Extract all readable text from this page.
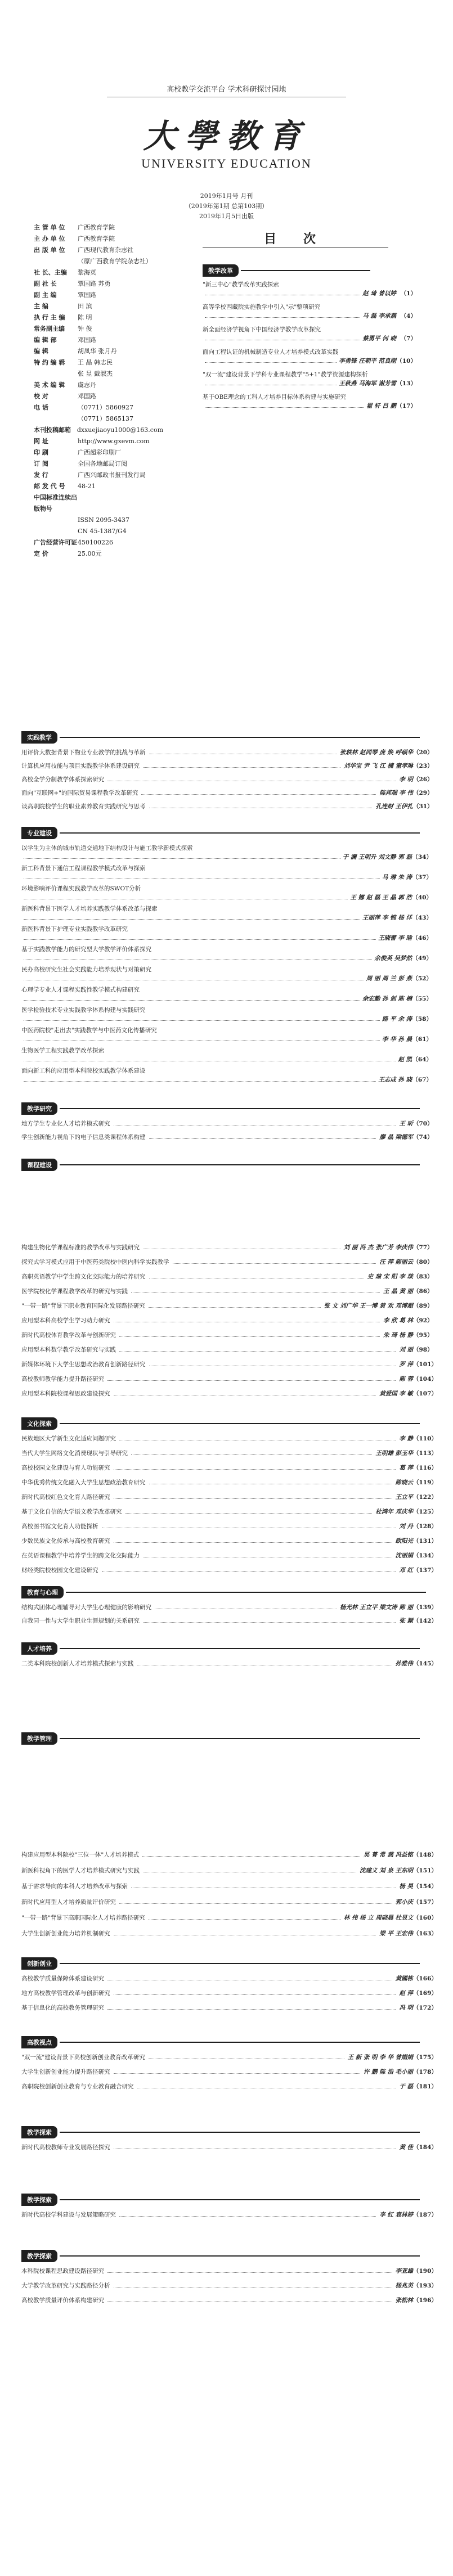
高校教学交流平台 学术科研探讨园地
大學教育
UNIVERSITY EDUCATION
2019年1月号 月刊
（2019年第1期 总第103期）
2019年1月5日出版
主 管 单 位	广西教育学院
主 办 单 位	广西教育学院
出 版 单 位	广西现代教育杂志社
（原广西教育学院杂志社）
社 长、主编	黎海英
副 社 长	覃国路 苏勇
副 主 编	覃国路
主 编	田 滨
执 行 主 编	陈 明
常务副主编	钟 俊
编 辑 部	邓国路
编 辑	胡凤华 张月丹
特 约 编 辑	王 晶 韩志民
张 昱 戴淑杰
美 术 编 辑	虞志丹
校 对	邓国路
电 话	（0771）5860927
（0771）5865137
本刊投稿邮箱 dxxuejiaoyu1000@163.com
网 址	http://www.gxevm.com
印 刷	广西超彩印刷厂
订 阅	全国各地邮局订阅
发 行	广西兴邮政书报刊发行局
邮 发 代 号	48-21
中国标准连续出版物号
ISSN 2095-3437
CN 45-1387/G4
广告经营许可证 450100226
定 价	25.00元
目 次
教学改革
"新三中心"教学改革实践探索
赵 琦 曾以婷 （1）
高等学校西藏院实施教学中引入"示"整项研究
马 磊 李承燕 （4）
新全面经济学视角下中国经济学教学改革探究
蔡勇平 何 晓 （7）
面向工程认证的机械制造专业人才培养模式改革实践
李勇锋 汪朝平 范良刚 （10）
"双一流"建设背景下学科专业课程教学"5+1"教学资源建构探析
王秋燕 马海军 谢芳雪 （13）
基于OBE理念的工科人才培养目标体系构建与实施研究
翟 轩 吕 鹏 （17）
实践教学
用评价大数据背景下物业专业教学的挑战与革新	张轶林 赵同琴 庞 焕 呼硕华 （20）
计算机应用技能与项目实践教学体系建设研究	刘华宝 尹 飞 江 楠 童孝琳 （23）
高校全学分制教学体系探索研究	李 明 （26）
面向"互联网+"的国际贸易课程教学改革研究	陈邦瑞 李 伟 （29）
谈高职院校学生的职业素养教育实践研究与思考	孔连财 王伊扎 （31）
专业建设
以学生为主体的城市轨道交通地下结构设计与施工教学新模式探索
于 澜 王明升 刘文静 郭 磊 （34）
新工科背景下通信工程课程教学模式改革与探索
马 琳 朱 涛 （37）
环境影响评价课程实践教学改革的SWOT分析
王 娜 赵 磊 王 晶 郭 浩 （40）
新医科背景下医学人才培养实践教学体系改革与探索
王丽萍 李 锦 杨 洋 （43）
新医科背景下护理专业实践教学改革研究
王晓蕾 李 晗 （46）
基于实践教学能力的研究型大学教学评价体系探究
余俊英 吴梦然 （49）
民办高校研究生社会实践能力培养现状与对策研究
周 丽 周 兰 彭 燕 （52）
心理学专业人才课程实践性教学模式构建研究
余宏勤 孙 剑 陈 楠 （55）
医学检验技术专业实践教学体系构建与实践研究
路 平 余 涛 （58）
中医药院校"走出去"实践教学与中医药文化传播研究
李 华 孙 晨 （61）
生物医学工程实践教学改革探索
赵 凯 （64）
面向新工科的应用型本科院校实践教学体系建设
王志成 孙 晓 （67）
教学研究
地方学生专业化人才培养模式研究	王 昕 （70）
学生创新能力视角下的电子信息类课程体系构建	廖 晶 梁德军 （74）
课程建设
构建生物化学课程标准的教学改革与实践研究	刘 丽 冯 杰 张广芳 李庆伟 （77）
探究式学习模式应用于中医药类院校中医内科学实践教学	汪 萍 陈丽云 （80）
高职英语教学中学生跨文化交际能力的培养研究	史 琼 宋 阳 李 琰 （83）
医学院校化学课程教学改革的研究与实践	王 晶 黄 丽 （86）
"一带一路"背景下职业教育国际化发展路径研究	张 文 刘广华 王一博 黄 欢 邓博超 （89）
应用型本科高校学生学习动力研究	李 欣 葛 林 （92）
新时代高校体育教学改革与创新研究	朱 琦 杨 静 （95）
应用型本科数学教学改革研究与实践	刘 丽 （98）
新媒体环境下大学生思想政治教育创新路径研究	罗 萍 （101）
高校教师教学能力提升路径研究	陈 蓉 （104）
应用型本科院校课程思政建设探究	黄爱国 李 敏 （107）
文化探索
民族地区大学新生文化适应问题研究	李 静 （110）
当代大学生网络文化消费现状与引导研究	王明雄 彭玉华 （113）
高校校园文化建设与育人功能研究	葛 萍 （116）
中华优秀传统文化融入大学生思想政治教育研究	陈晓云 （119）
新时代高校红色文化育人路径研究	王立平 （122）
基于文化自信的大学语文教学改革研究	杜鸿年 邓庆华 （125）
高校图书馆文化育人功能探析	刘 丹 （128）
少数民族文化传承与高校教育研究	欧阳光 （131）
在英语课程教学中培养学生的跨文化交际能力	沈丽娟 （134）
财经类院校校园文化建设研究	邓 红 （137）
教育与心理
结构式团体心理辅导对大学生心理健康的影响研究	杨光林 王立平 梁文涛 陈 丽 （139）
自我同一性与大学生职业生涯规划的关系研究	张 颖 （142）
人才培养
二类本科院校创新人才培养模式探索与实践	孙雅伟 （145）
教学管理
构建应用型本科院校"三位一体"人才培养模式	吴 菁 常 燕 冯益铭 （148）
新医科视角下的医学人才培养模式研究与实践	沈建义 刘 泉 王东明 （151）
基于需求导向的本科人才培养改革与探索	杨 昊 （154）
新时代应用型人才培养质量评价研究	郭小庆 （157）
"一带一路"背景下高职国际化人才培养路径研究	林 伟 杨 立 周晓晨 杜昱文 （160）
大学生创新创业能力培养机制研究	梁 平 王宏伟 （163）
创新创业
高校教学质量保障体系建设研究	黄國栋 （166）
地方高校教学管理改革与创新研究	赵 萍 （169）
基于信息化的高校教务管理研究	冯 明 （172）
高教视点
"双一流"建设背景下高校创新创业教育改革研究	王 新 张 明 李 华 曾娟娟 （175）
大学生创新创业能力提升路径研究	许 鹏 陈 浩 毛小丽 （178）
高职院校创新创业教育与专业教育融合研究	于 磊 （181）
教学探索
新时代高校教师专业发展路径探究	黄 佳 （184）
教学探索
新时代高校学科建设与发展策略研究	李 红 袁林婷 （187）
教学探索
本科院校课程思政建设路径研究	李亚雄 （190）
大学教学改革研究与实践路径分析	杨兆英 （193）
高校教学质量评价体系构建研究	张松林 （196）
